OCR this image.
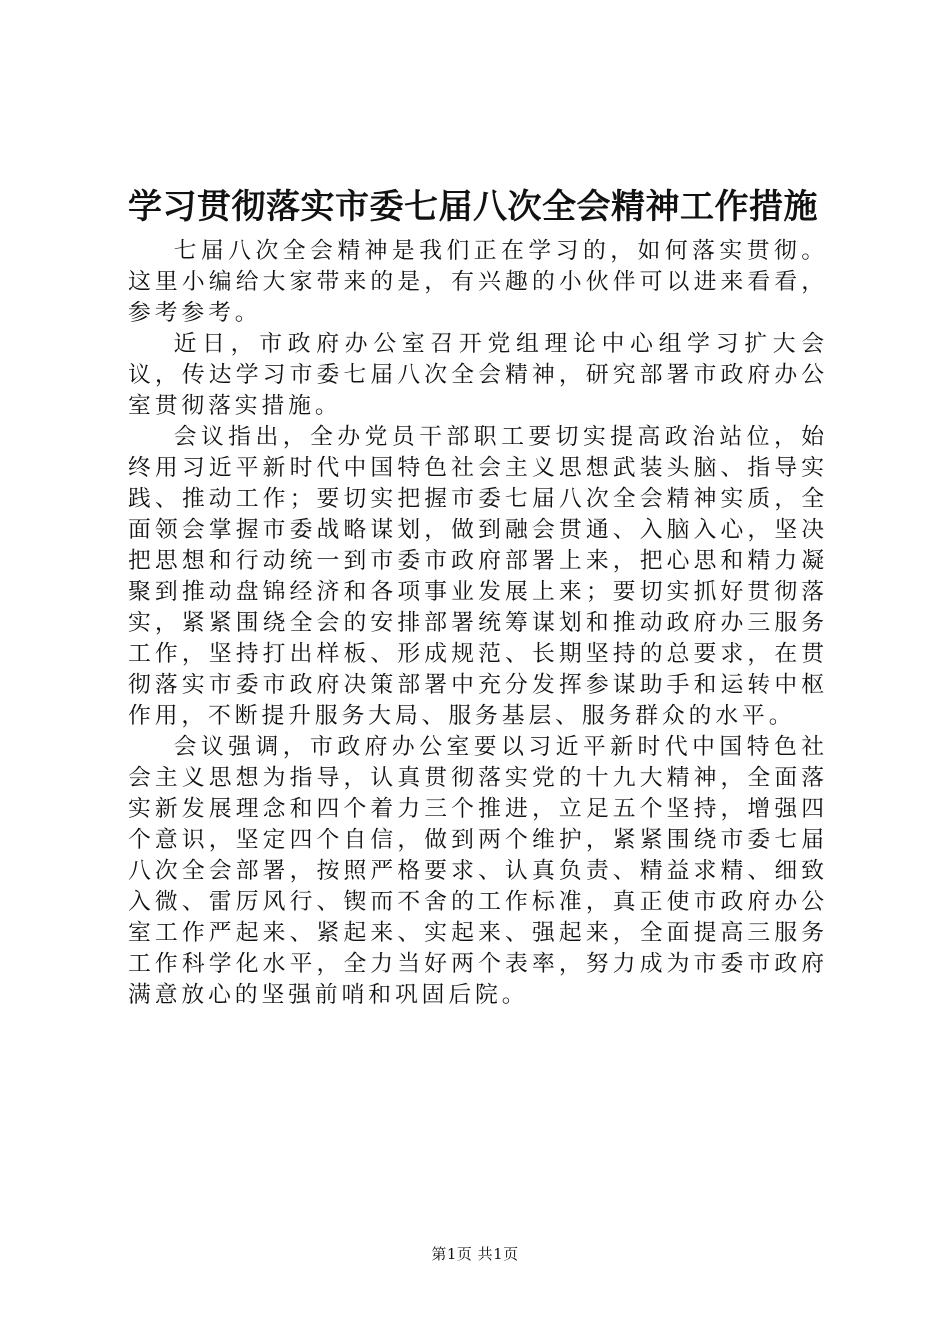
学习贯彻落实市委七届八次全会精神工作措施

七届八次全会精神是我们正在学习的，如何落实贯彻。这里小编给大家带来的是，有兴趣的小伙伴可以进来看看，参考参考。

近日，市政府办公室召开党组理论中心组学习扩大会议，传达学习市委七届八次全会精神，研究部署市政府办公室贯彻落实措施。

会议指出，全办党员干部职工要切实提高政治站位，始终用习近平新时代中国特色社会主义思想武装头脑、指导实践、推动工作；要切实把握市委七届八次全会精神实质，全面领会掌握市委战略谋划，做到融会贯通、入脑入心，坚决把思想和行动统一到市委市政府部署上来，把心思和精力凝聚到推动盘锦经济和各项事业发展上来；要切实抓好贯彻落实，紧紧围绕全会的安排部署统筹谋划和推动政府办三服务工作，坚持打出样板、形成规范、长期坚持的总要求，在贯彻落实市委市政府决策部署中充分发挥参谋助手和运转中枢作用，不断提升服务大局、服务基层、服务群众的水平。

会议强调，市政府办公室要以习近平新时代中国特色社会主义思想为指导，认真贯彻落实党的十九大精神，全面落实新发展理念和四个着力三个推进，立足五个坚持，增强四个意识，坚定四个自信，做到两个维护，紧紧围绕市委七届八次全会部署，按照严格要求、认真负责、精益求精、细致入微、雷厉风行、锲而不舍的工作标准，真正使市政府办公室工作严起来、紧起来、实起来、强起来，全面提高三服务工作科学化水平，全力当好两个表率，努力成为市委市政府满意放心的坚强前哨和巩固后院。

第1页 共1页
